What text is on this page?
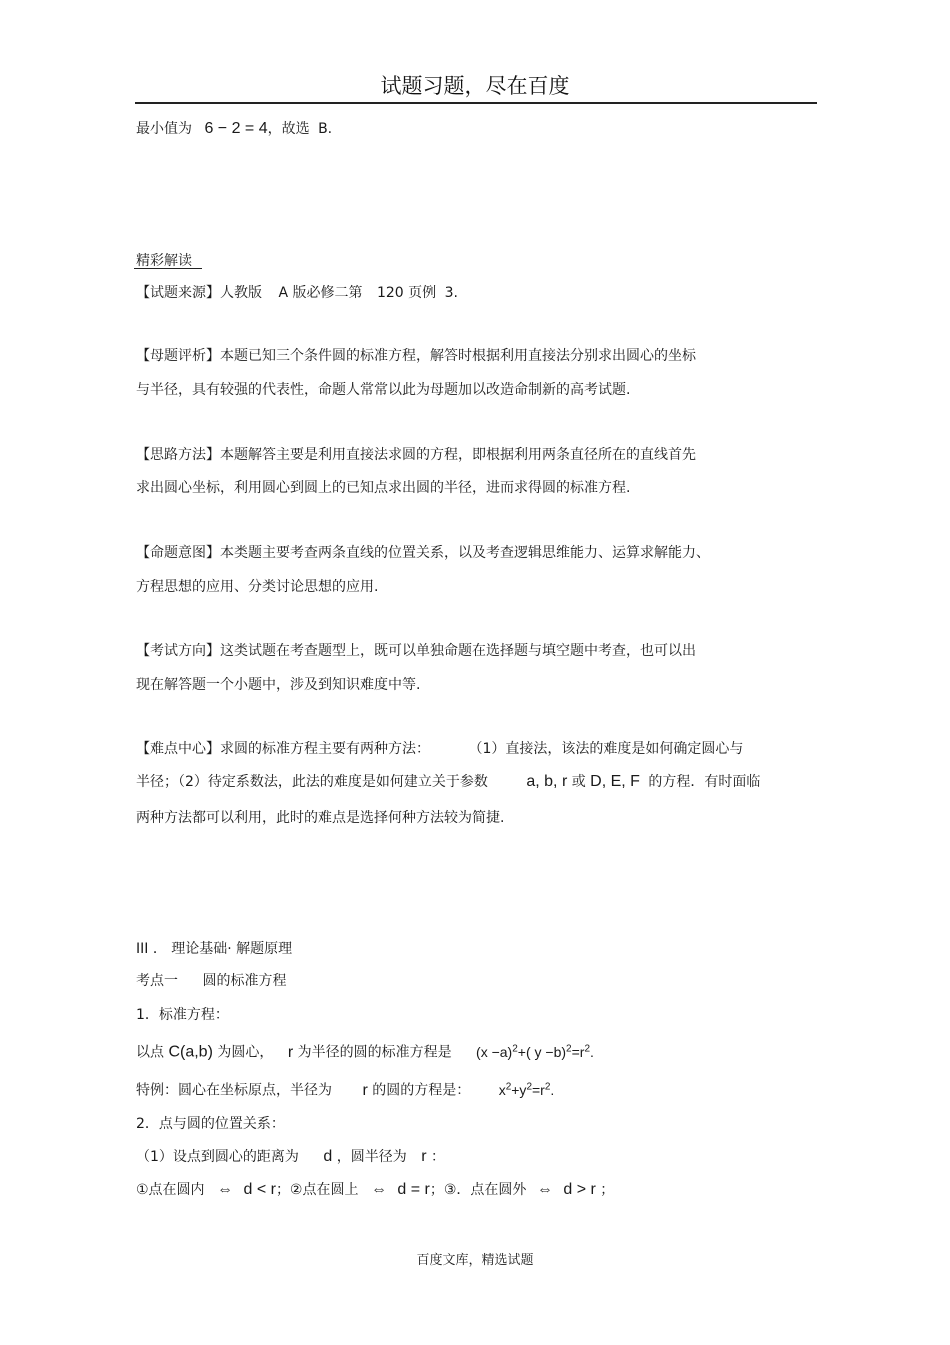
试题习题，尽在百度
最小值为 6 − 2 = 4，故选 B.
精彩解读
【试题来源】人教版 A 版必修二第 120 页例 3.
【母题评析】本题已知三个条件圆的标准方程，解答时根据利用直接法分别求出圆心的坐标
与半径，具有较强的代表性，命题人常常以此为母题加以改造命制新的高考试题.
【思路方法】本题解答主要是利用直接法求圆的方程，即根据利用两条直径所在的直线首先
求出圆心坐标，利用圆心到圆上的已知点求出圆的半径，进而求得圆的标准方程.
【命题意图】本类题主要考查两条直线的位置关系，以及考查逻辑思维能力、运算求解能力、
方程思想的应用、分类讨论思想的应用.
【考试方向】这类试题在考查题型上，既可以单独命题在选择题与填空题中考查，也可以出
现在解答题一个小题中，涉及到知识难度中等.
【难点中心】求圆的标准方程主要有两种方法：	（1）直接法，该法的难度是如何确定圆心与
半径；（2）待定系数法，此法的难度是如何建立关于参数 a, b, r 或 D, E, F 的方程．有时面临
两种方法都可以利用，此时的难点是选择何种方法较为简捷.
III ． 理论基础· 解题原理
考点一 圆的标准方程
1．标准方程：
以点 C(a,b) 为圆心， r 为半径的圆的标准方程是 $(x -a)^2+$( $y -b)^2=r^2$.
特例：圆心在坐标原点，半径为 r 的圆的方程是： $x^2+y^2=r^2$.
2．点与圆的位置关系：
（1）设点到圆心的距离为 d ，圆半径为 r ：
①点在圆内 ⇔ d < r；②点在圆上 ⇔ d = r；③．点在圆外 ⇔ d > r ；
百度文库，精选试题
